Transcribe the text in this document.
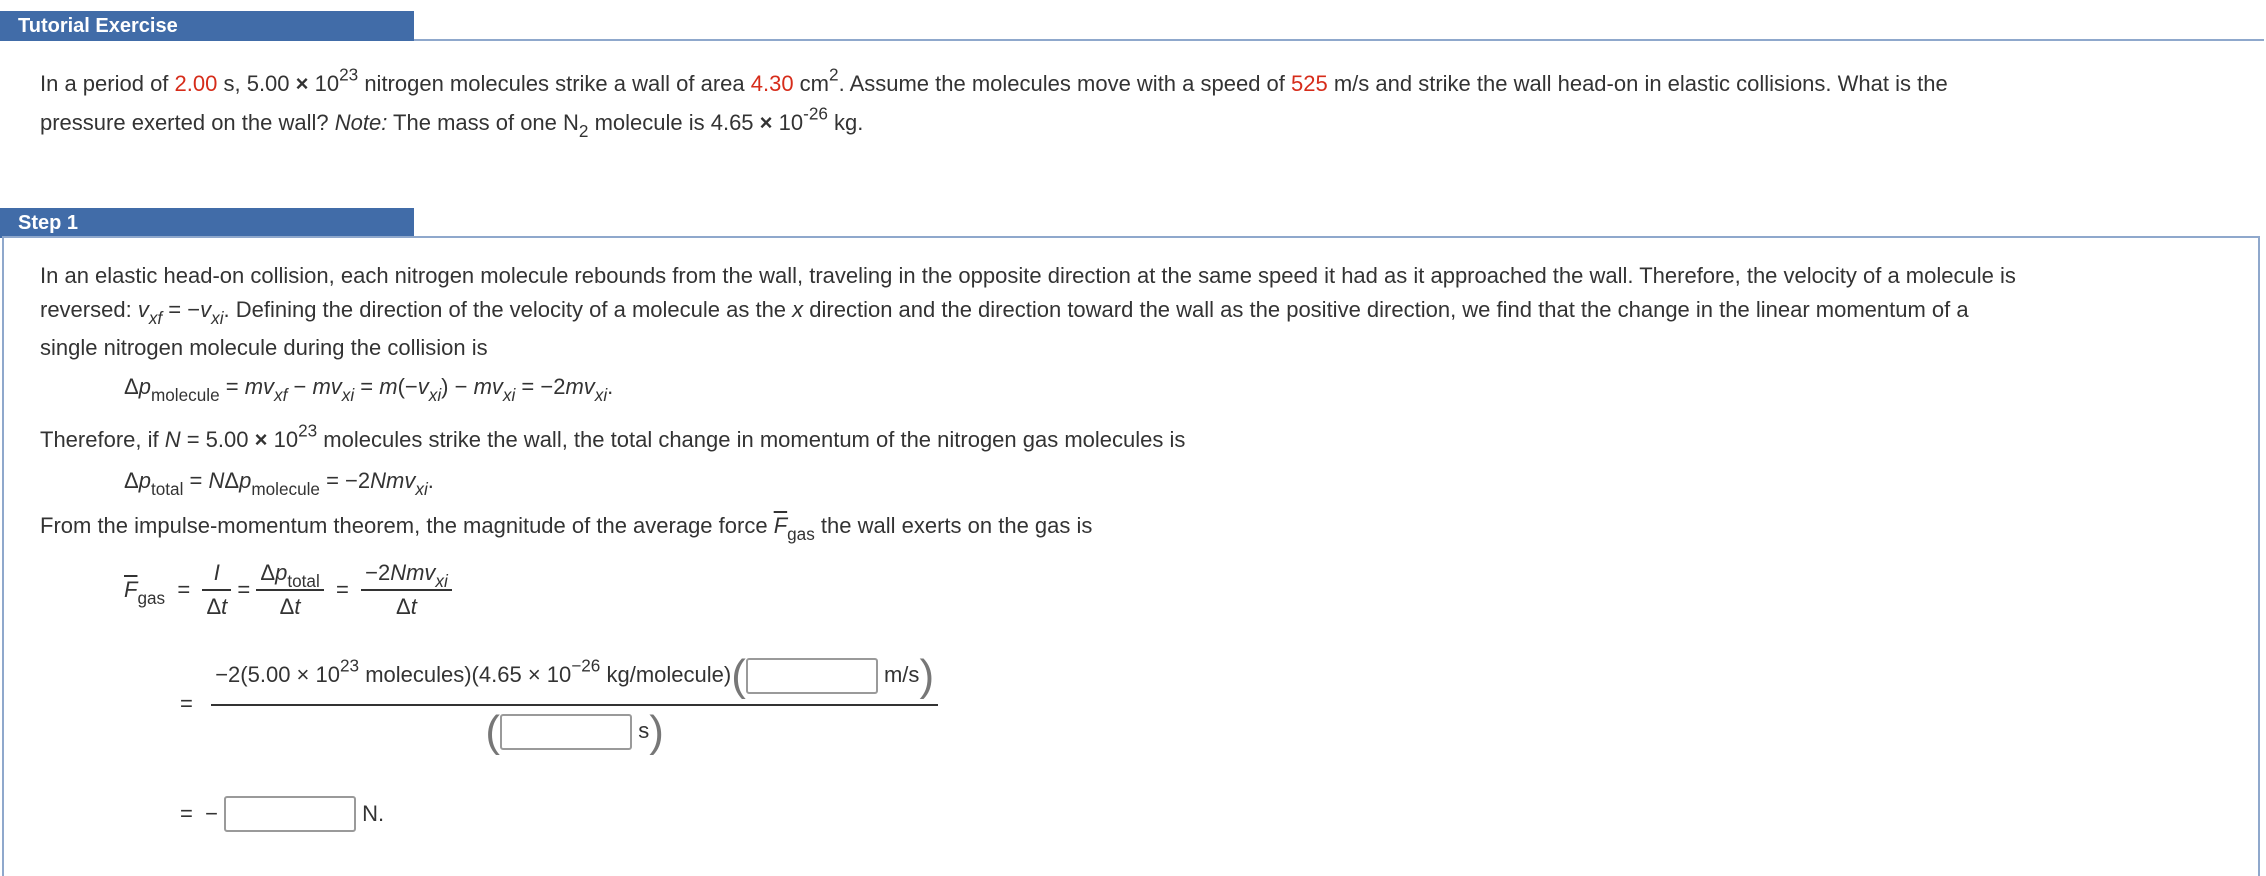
Tutorial Exercise
In a period of 2.00 s, $5.00 \times 10^{23}$ nitrogen molecules strike a wall of area 4.30 $cm^2$. Assume the molecules move with a speed of 525 m/s and strike the wall head-on in elastic collisions. What is the
pressure exerted on the wall? Note: The mass of one $N_2$ molecule is $4.65 \times 10^{-26}$ kg.
Step 1
In an elastic head-on collision, each nitrogen molecule rebounds from the wall, traveling in the opposite direction at the same speed it had as it approached the wall. Therefore, the velocity of a molecule is
reversed: $v_{xf} = -v_{xi}$. Defining the direction of the velocity of a molecule as the x direction and the direction toward the wall as the positive direction, we find that the change in the linear momentum of a
single nitrogen molecule during the collision is
$\Delta p_{molecule} = mv_{xf} - mv_{xi} = m(-v_{xi}) - mv_{xi} = -2mv_{xi}$.
Therefore, if $N = 5.00 \times 10^{23}$ molecules strike the wall, the total change in momentum of the nitrogen gas molecules is
$\Delta p_{total} = N\Delta p_{molecule} = -2Nmv_{xi}$.
From the impulse-momentum theorem, the magnitude of the average force $\overline{F}_{gas}$ the wall exerts on the gas is
$\overline{F}_{gas} = \frac{I}{\Delta t} = \frac{\Delta p_{total}}{\Delta t} = \frac{-2Nmv_{xi}}{\Delta t}$
= $-2(5.00 \times 10^{23}$ molecules)(4.65 × $10^{-26}$ kg/molecule)(	m/s)
(	s)
=  −	N.
